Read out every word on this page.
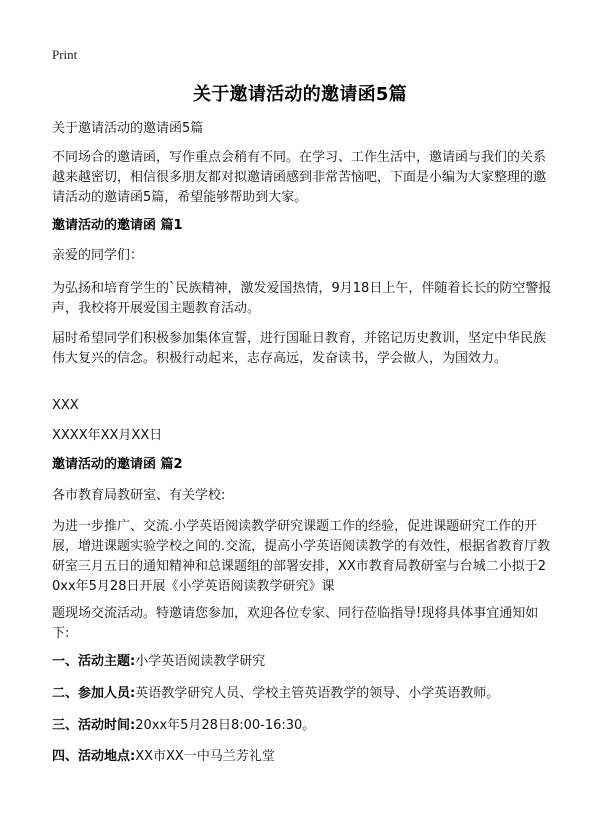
Print
关于邀请活动的邀请函5篇
关于邀请活动的邀请函5篇
不同场合的邀请函，写作重点会稍有不同。在学习、工作生活中，邀请函与我们的关系越来越密切，相信很多朋友都对拟邀请函感到非常苦恼吧，下面是小编为大家整理的邀请活动的邀请函5篇，希望能够帮助到大家。
邀请活动的邀请函 篇1
亲爱的同学们：
为弘扬和培育学生的`民族精神，激发爱国热情，9月18日上午，伴随着长长的防空警报声，我校将开展爱国主题教育活动。
届时希望同学们积极参加集体宣誓，进行国耻日教育，并铭记历史教训，坚定中华民族伟大复兴的信念。积极行动起来，志存高远，发奋读书，学会做人，为国效力。
XXX
XXXX年XX月XX日
邀请活动的邀请函 篇2
各市教育局教研室、有关学校:
为进一步推广、交流.小学英语阅读教学研究课题工作的经验，促进课题研究工作的开展，增进课题实验学校之间的.交流，提高小学英语阅读教学的有效性，根据省教育厅教研室三月五日的通知精神和总课题组的部署安排，XX市教育局教研室与台城二小拟于20xx年5月28日开展《小学英语阅读教学研究》课
题现场交流活动。特邀请您参加，欢迎各位专家、同行莅临指导!现将具体事宜通知如下:
一、活动主题:小学英语阅读教学研究
二、参加人员:英语教学研究人员、学校主管英语教学的领导、小学英语教师。
三、活动时间:20xx年5月28日8:00-16:30。
四、活动地点:XX市XX一中马兰芳礼堂
